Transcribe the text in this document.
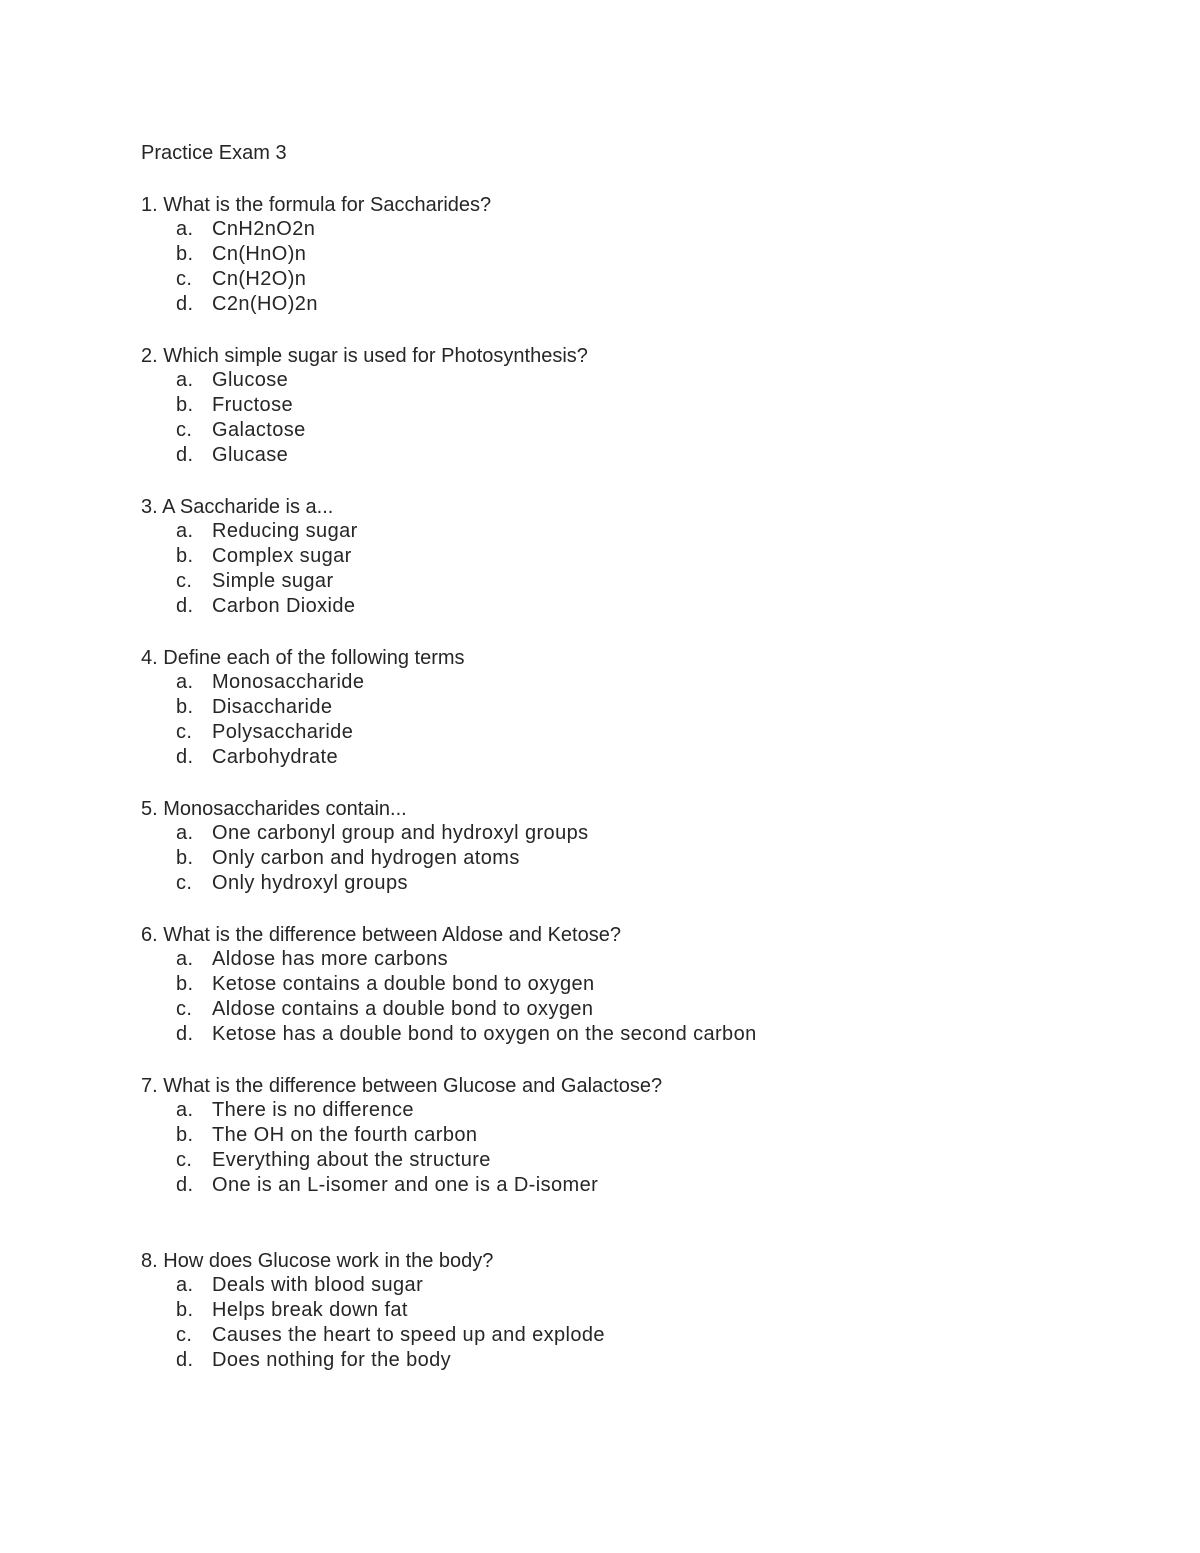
Practice Exam 3
1. What is the formula for Saccharides?
a. CnH2nO2n
b. Cn(HnO)n
c. Cn(H2O)n
d. C2n(HO)2n
2. Which simple sugar is used for Photosynthesis?
a. Glucose
b. Fructose
c. Galactose
d. Glucase
3. A Saccharide is a...
a. Reducing sugar
b. Complex sugar
c. Simple sugar
d. Carbon Dioxide
4. Define each of the following terms
a. Monosaccharide
b. Disaccharide
c. Polysaccharide
d. Carbohydrate
5. Monosaccharides contain...
a. One carbonyl group and hydroxyl groups
b. Only carbon and hydrogen atoms
c. Only hydroxyl groups
6. What is the difference between Aldose and Ketose?
a. Aldose has more carbons
b. Ketose contains a double bond to oxygen
c. Aldose contains a double bond to oxygen
d. Ketose has a double bond to oxygen on the second carbon
7. What is the difference between Glucose and Galactose?
a. There is no difference
b. The OH on the fourth carbon
c. Everything about the structure
d. One is an L-isomer and one is a D-isomer
8. How does Glucose work in the body?
a. Deals with blood sugar
b. Helps break down fat
c. Causes the heart to speed up and explode
d. Does nothing for the body
